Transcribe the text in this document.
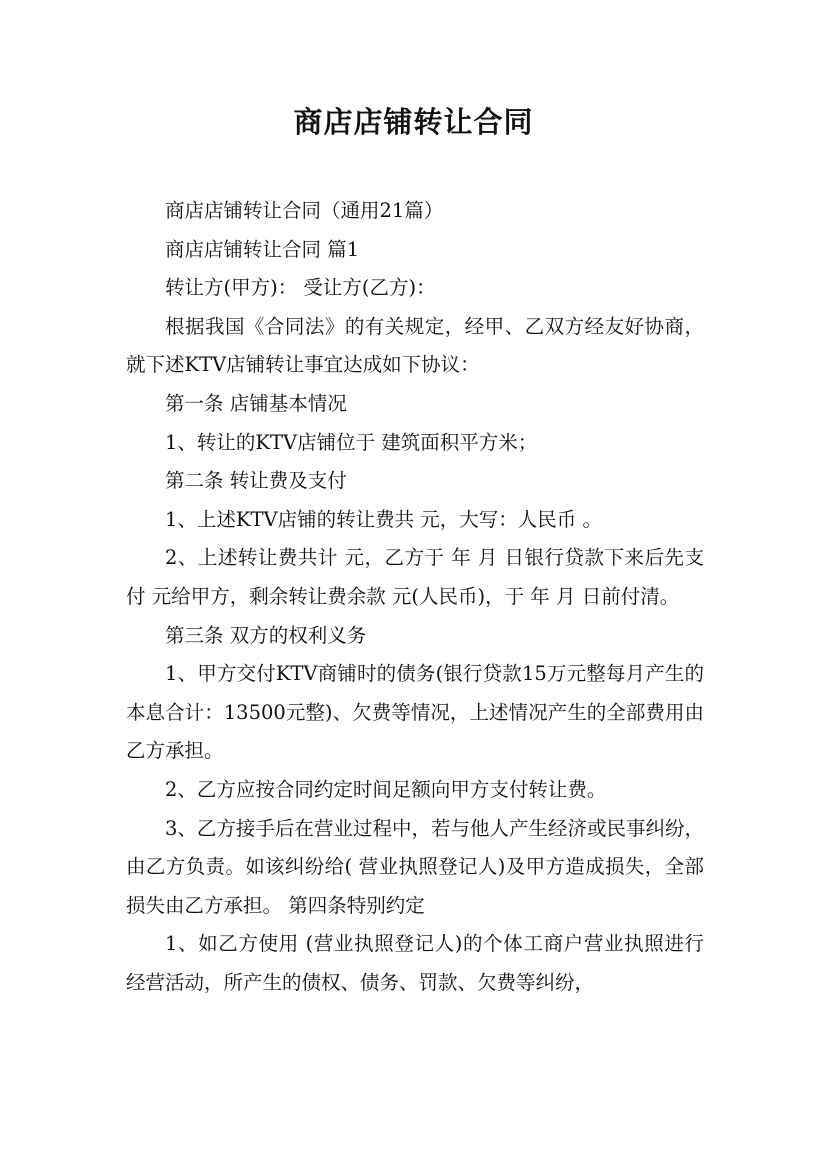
商店店铺转让合同

商店店铺转让合同（通用21篇）

商店店铺转让合同 篇1

转让方(甲方)： 受让方(乙方)：

根据我国《合同法》的有关规定，经甲、乙双方经友好协商，就下述KTV店铺转让事宜达成如下协议：

第一条 店铺基本情况

1、转让的KTV店铺位于 建筑面积平方米；

第二条 转让费及支付

1、上述KTV店铺的转让费共 元，大写：人民币 。

2、上述转让费共计 元，乙方于 年 月 日银行贷款下来后先支付 元给甲方，剩余转让费余款 元(人民币)，于 年 月 日前付清。

第三条 双方的权利义务

1、甲方交付KTV商铺时的债务(银行贷款15万元整每月产生的本息合计：13500元整)、欠费等情况，上述情况产生的全部费用由乙方承担。

2、乙方应按合同约定时间足额向甲方支付转让费。

3、乙方接手后在营业过程中，若与他人产生经济或民事纠纷，由乙方负责。如该纠纷给( 营业执照登记人)及甲方造成损失，全部损失由乙方承担。 第四条特别约定

1、如乙方使用 (营业执照登记人)的个体工商户营业执照进行经营活动，所产生的债权、债务、罚款、欠费等纠纷，
